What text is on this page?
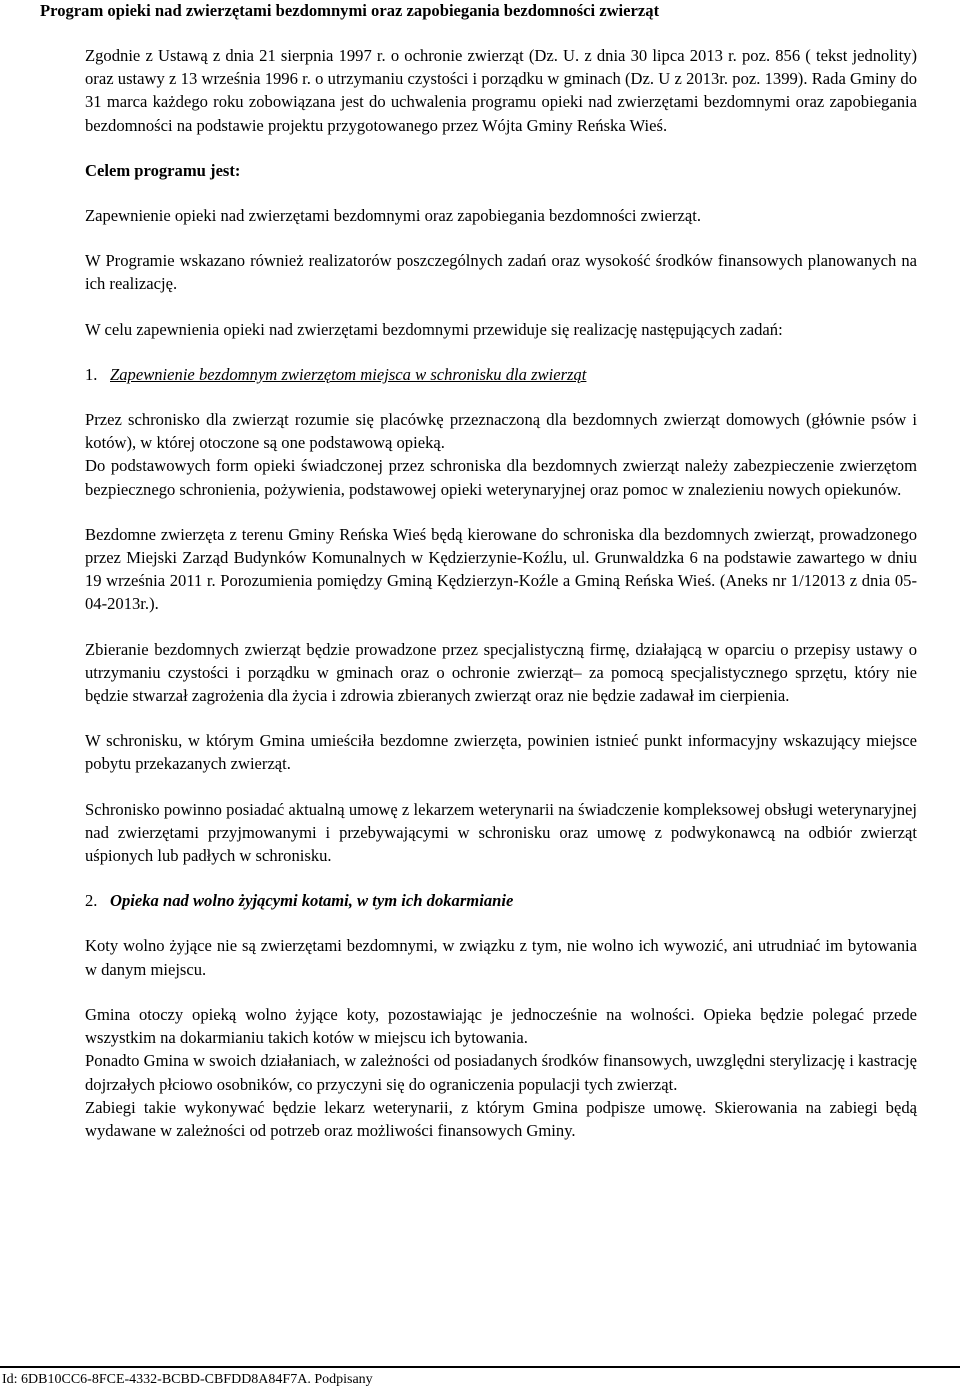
Program opieki nad zwierzętami bezdomnymi oraz zapobiegania bezdomności zwierząt

Zgodnie z Ustawą z dnia 21 sierpnia 1997 r. o ochronie zwierząt (Dz. U. z dnia 30 lipca 2013 r. poz. 856 ( tekst jednolity) oraz ustawy z 13 września 1996 r. o utrzymaniu czystości i porządku w gminach (Dz. U z 2013r. poz. 1399). Rada Gminy do 31 marca każdego roku zobowiązana jest do uchwalenia programu opieki nad zwierzętami bezdomnymi oraz zapobiegania bezdomności na podstawie projektu przygotowanego przez Wójta Gminy Reńska Wieś.

Celem programu jest:

Zapewnienie opieki nad zwierzętami bezdomnymi oraz zapobiegania bezdomności zwierząt.

W Programie wskazano również realizatorów poszczególnych zadań oraz wysokość środków finansowych planowanych na ich realizację.

W celu zapewnienia opieki nad zwierzętami bezdomnymi przewiduje się realizację następujących zadań:

1. Zapewnienie bezdomnym zwierzętom miejsca w schronisku dla zwierząt

Przez schronisko dla zwierząt rozumie się placówkę przeznaczoną dla bezdomnych zwierząt domowych (głównie psów i kotów), w której otoczone są one podstawową opieką.

Do podstawowych form opieki świadczonej przez schroniska dla bezdomnych zwierząt należy zabezpieczenie zwierzętom bezpiecznego schronienia, pożywienia, podstawowej opieki weterynaryjnej oraz pomoc w znalezieniu nowych opiekunów.

Bezdomne zwierzęta z terenu Gminy Reńska Wieś będą kierowane do schroniska dla bezdomnych zwierząt, prowadzonego przez Miejski Zarząd Budynków Komunalnych w Kędzierzynie-Koźlu, ul. Grunwaldzka 6 na podstawie zawartego w dniu 19 września 2011 r. Porozumienia pomiędzy Gminą Kędzierzyn-Koźle a Gminą Reńska Wieś. (Aneks nr 1/12013 z dnia 05-04-2013r.).

Zbieranie bezdomnych zwierząt będzie prowadzone przez specjalistyczną firmę, działającą w oparciu o przepisy ustawy o utrzymaniu czystości i porządku w gminach oraz o ochronie zwierząt– za pomocą specjalistycznego sprzętu, który nie będzie stwarzał zagrożenia dla życia i zdrowia zbieranych zwierząt oraz nie będzie zadawał im cierpienia.

W schronisku, w którym Gmina umieściła bezdomne zwierzęta, powinien istnieć punkt informacyjny wskazujący miejsce pobytu przekazanych zwierząt.

Schronisko powinno posiadać aktualną umowę z lekarzem weterynarii na świadczenie kompleksowej obsługi weterynaryjnej nad zwierzętami przyjmowanymi i przebywającymi w schronisku oraz umowę z podwykonawcą na odbiór zwierząt uśpionych lub padłych w schronisku.

2. Opieka nad wolno żyjącymi kotami, w tym ich dokarmianie

Koty wolno żyjące nie są zwierzętami bezdomnymi, w związku z tym, nie wolno ich wywozić, ani utrudniać im bytowania w danym miejscu.

Gmina otoczy opieką wolno żyjące koty, pozostawiając je jednocześnie na wolności. Opieka będzie polegać przede wszystkim na dokarmianiu takich kotów w miejscu ich bytowania.

Ponadto Gmina w swoich działaniach, w zależności od posiadanych środków finansowych, uwzględni sterylizację i kastrację dojrzałych płciowo osobników, co przyczyni się do ograniczenia populacji tych zwierząt.

Zabiegi takie wykonywać będzie lekarz weterynarii, z którym Gmina podpisze umowę. Skierowania na zabiegi będą wydawane w zależności od potrzeb oraz możliwości finansowych Gminy.

Id: 6DB10CC6-8FCE-4332-BCBD-CBFDD8A84F7A. Podpisany
